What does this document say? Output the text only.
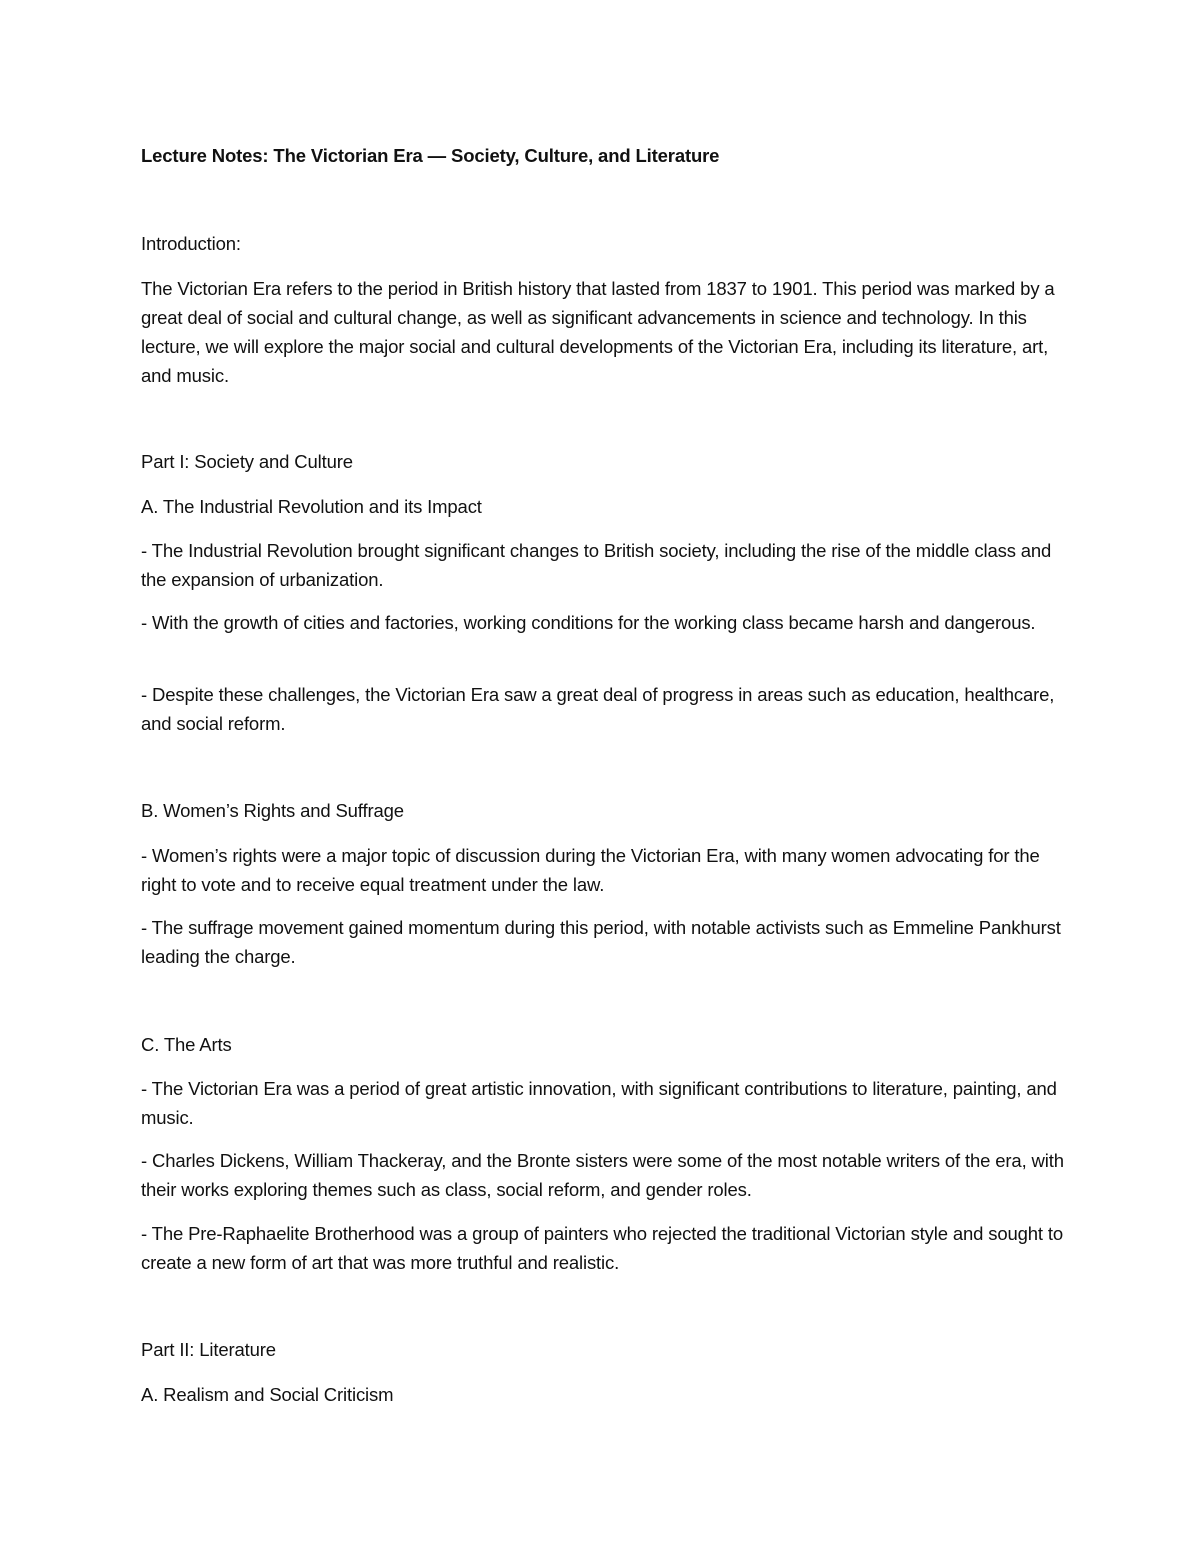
Lecture Notes: The Victorian Era — Society, Culture, and Literature

Introduction:

The Victorian Era refers to the period in British history that lasted from 1837 to 1901. This period was marked by a great deal of social and cultural change, as well as significant advancements in science and technology. In this lecture, we will explore the major social and cultural developments of the Victorian Era, including its literature, art, and music.

Part I: Society and Culture

A. The Industrial Revolution and its Impact

- The Industrial Revolution brought significant changes to British society, including the rise of the middle class and the expansion of urbanization.

- With the growth of cities and factories, working conditions for the working class became harsh and dangerous.

- Despite these challenges, the Victorian Era saw a great deal of progress in areas such as education, healthcare, and social reform.

B. Women’s Rights and Suffrage

- Women’s rights were a major topic of discussion during the Victorian Era, with many women advocating for the right to vote and to receive equal treatment under the law.

- The suffrage movement gained momentum during this period, with notable activists such as Emmeline Pankhurst leading the charge.

C. The Arts

- The Victorian Era was a period of great artistic innovation, with significant contributions to literature, painting, and music.

- Charles Dickens, William Thackeray, and the Bronte sisters were some of the most notable writers of the era, with their works exploring themes such as class, social reform, and gender roles.

- The Pre-Raphaelite Brotherhood was a group of painters who rejected the traditional Victorian style and sought to create a new form of art that was more truthful and realistic.

Part II: Literature

A. Realism and Social Criticism
